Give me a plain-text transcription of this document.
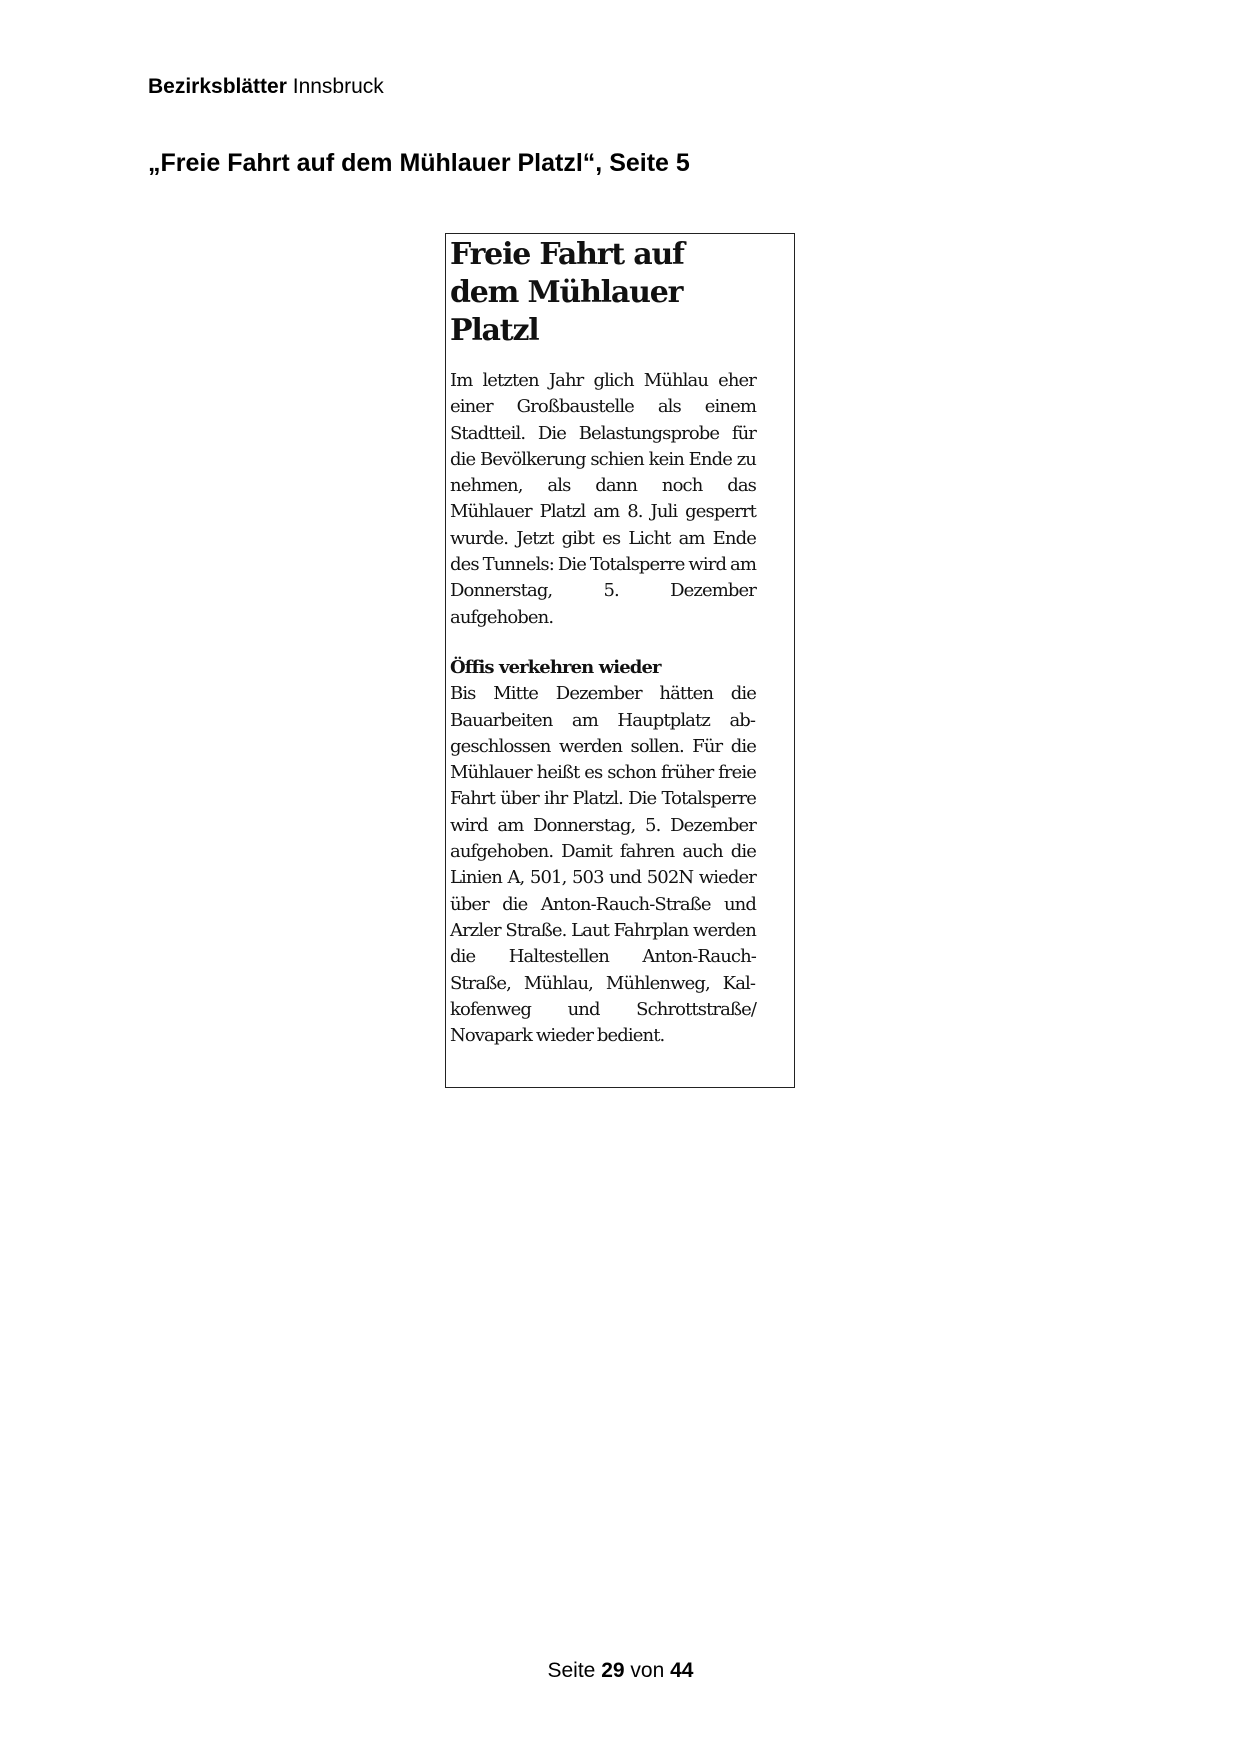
Bezirksblätter Innsbruck
„Freie Fahrt auf dem Mühlauer Platzl“, Seite 5
Freie Fahrt auf dem Mühlauer Platzl

Im letzten Jahr glich Mühlau eher einer Großbaustelle als einem Stadtteil. Die Belastungsprobe für die Bevölkerung schien kein Ende zu nehmen, als dann noch das Mühlauer Platzl am 8. Juli gesperrt wurde. Jetzt gibt es Licht am Ende des Tunnels: Die Totalsperre wird am Donnerstag, 5. Dezember aufgehoben.

Öffis verkehren wieder

Bis Mitte Dezember hätten die Bauarbeiten am Hauptplatz abgeschlossen werden sollen. Für die Mühlauer heißt es schon früher freie Fahrt über ihr Platzl. Die Totalsperre wird am Donnerstag, 5. Dezember aufgehoben. Damit fahren auch die Linien A, 501, 503 und 502N wieder über die Anton-Rauch-Straße und Arzler Straße. Laut Fahrplan werden die Haltestellen Anton-Rauch-Straße, Mühlau, Mühlenweg, Kalkofenweg und Schrottstraße/ Novapark wieder bedient.

Seite 29 von 44
